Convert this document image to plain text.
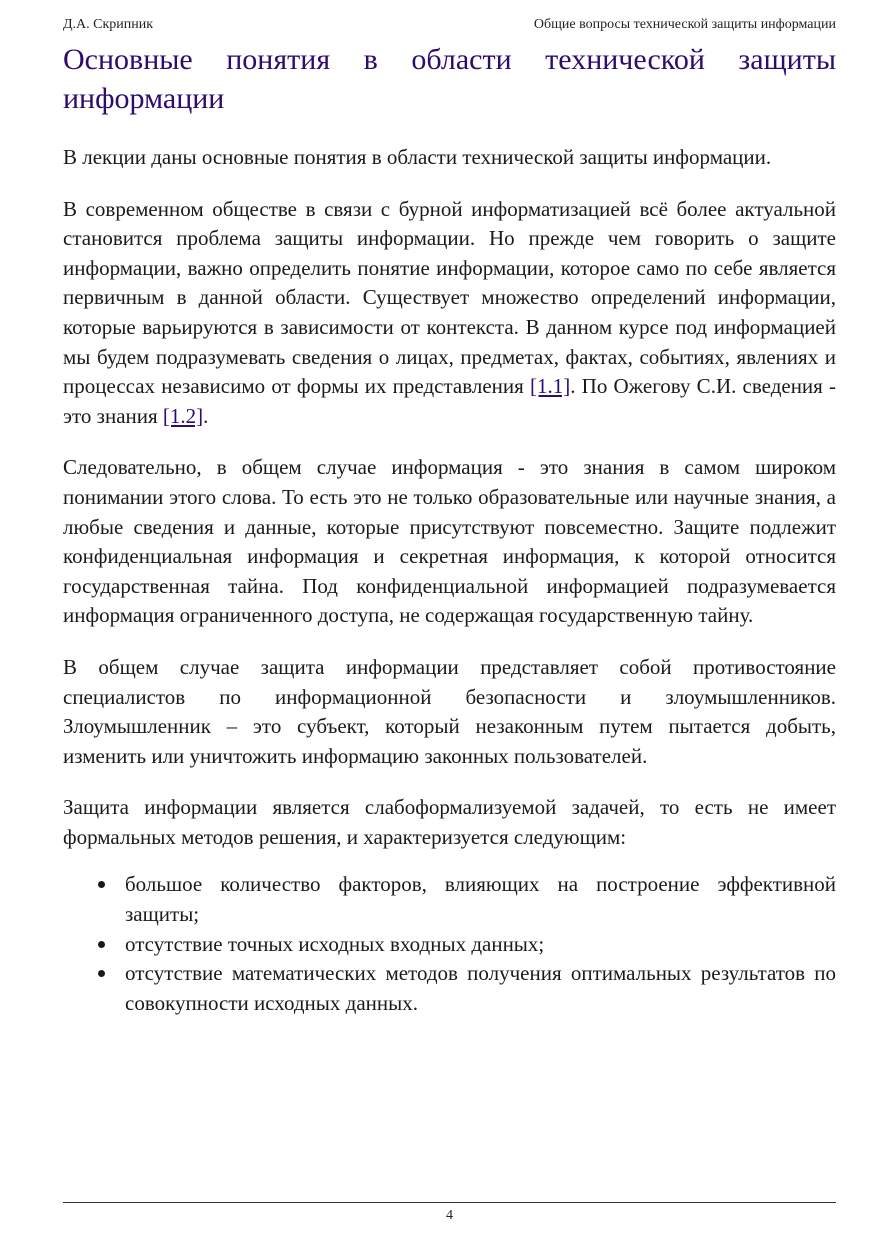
Д.А. Скрипник	Общие вопросы технической защиты информации
Основные понятия в области технической защиты информации

В лекции даны основные понятия в области технической защиты информации.

В современном обществе в связи с бурной информатизацией всё более актуальной становится проблема защиты информации. Но прежде чем говорить о защите информации, важно определить понятие информации, которое само по себе является первичным в данной области. Существует множество определений информации, которые варьируются в зависимости от контекста. В данном курсе под информацией мы будем подразумевать сведения о лицах, предметах, фактах, событиях, явлениях и процессах независимо от формы их представления [1.1]. По Ожегову С.И. сведения - это знания [1.2].

Следовательно, в общем случае информация - это знания в самом широком понимании этого слова. То есть это не только образовательные или научные знания, а любые сведения и данные, которые присутствуют повсеместно. Защите подлежит конфиденциальная информация и секретная информация, к которой относится государственная тайна. Под конфиденциальной информацией подразумевается информация ограниченного доступа, не содержащая государственную тайну.

В общем случае защита информации представляет собой противостояние специалистов по информационной безопасности и злоумышленников. Злоумышленник – это субъект, который незаконным путем пытается добыть, изменить или уничтожить информацию законных пользователей.

Защита информации является слабоформализуемой задачей, то есть не имеет формальных методов решения, и характеризуется следующим:

большое количество факторов, влияющих на построение эффективной защиты;
отсутствие точных исходных входных данных;
отсутствие математических методов получения оптимальных результатов по совокупности исходных данных.
4
